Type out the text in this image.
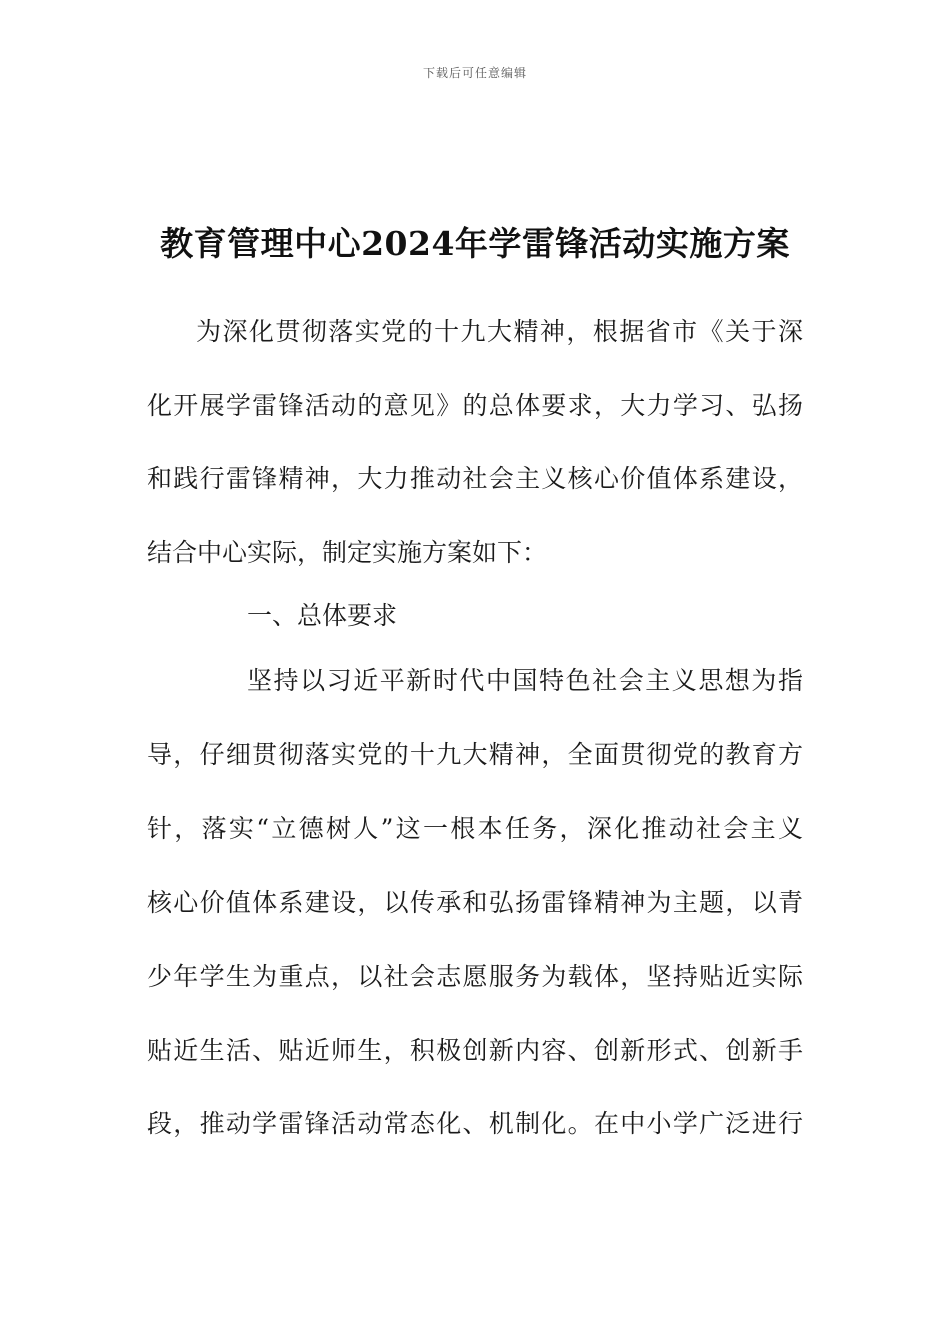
下载后可任意编辑
教育管理中心2024年学雷锋活动实施方案
为深化贯彻落实党的十九大精神，根据省市《关于深
化开展学雷锋活动的意见》的总体要求，大力学习、弘扬
和践行雷锋精神，大力推动社会主义核心价值体系建设，
结合中心实际，制定实施方案如下：
一、总体要求
坚持以习近平新时代中国特色社会主义思想为指
导，仔细贯彻落实党的十九大精神，全面贯彻党的教育方
针，落实“立德树人”这一根本任务，深化推动社会主义
核心价值体系建设，以传承和弘扬雷锋精神为主题，以青
少年学生为重点，以社会志愿服务为载体，坚持贴近实际
贴近生活、贴近师生，积极创新内容、创新形式、创新手
段，推动学雷锋活动常态化、机制化。在中小学广泛进行
